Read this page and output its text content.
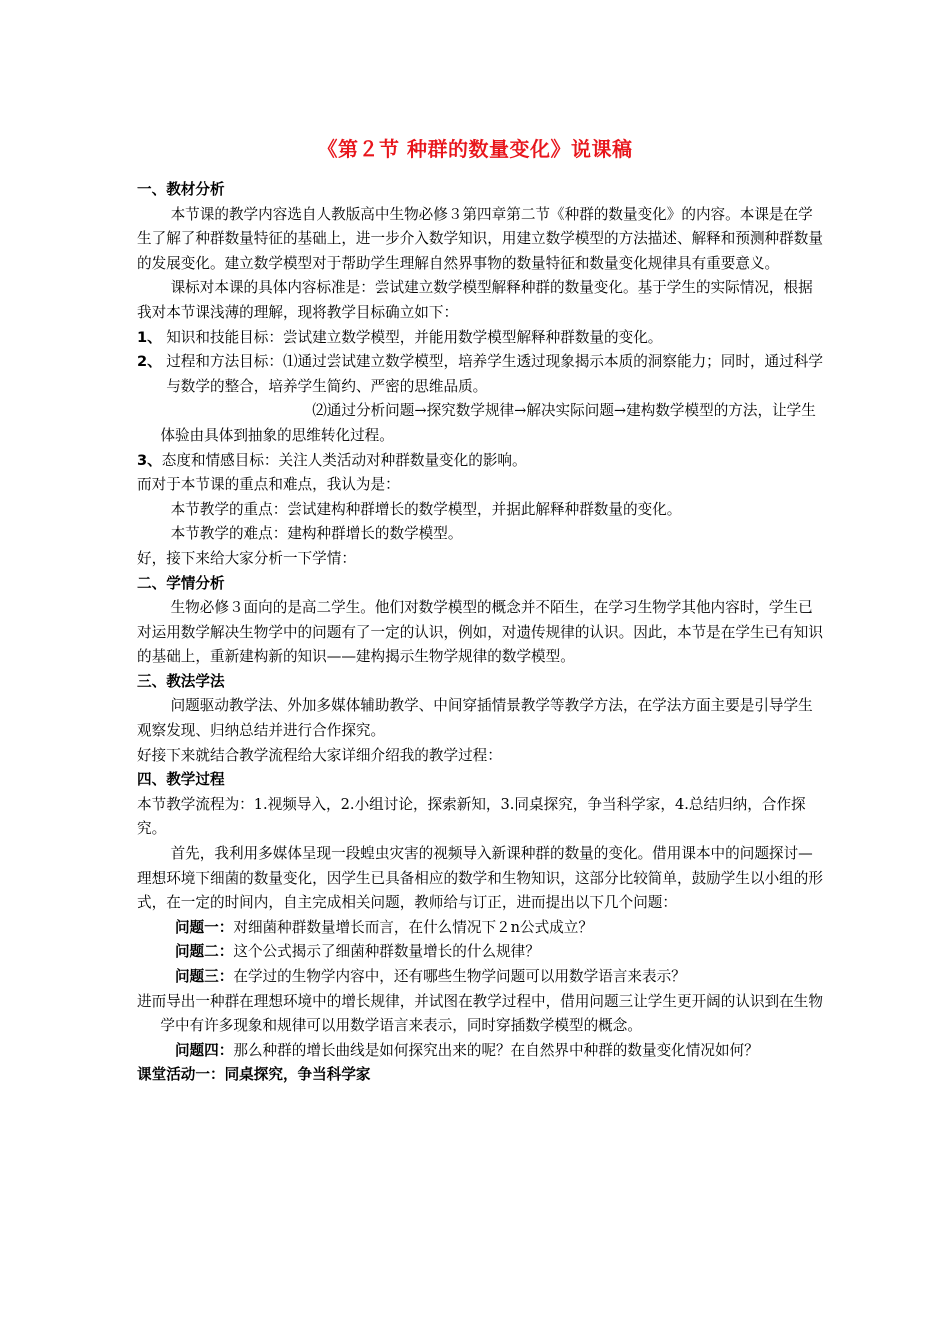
《第２节 种群的数量变化》说课稿

一、教材分析

本节课的教学内容选自人教版高中生物必修３第四章第二节《种群的数量变化》的内容。本课是在学生了解了种群数量特征的基础上，进一步介入数学知识，用建立数学模型的方法描述、解释和预测种群数量的发展变化。建立数学模型对于帮助学生理解自然界事物的数量特征和数量变化规律具有重要意义。

课标对本课的具体内容标准是：尝试建立数学模型解释种群的数量变化。基于学生的实际情况，根据我对本节课浅薄的理解，现将教学目标确立如下：

1、 知识和技能目标：尝试建立数学模型，并能用数学模型解释种群数量的变化。

2、 过程和方法目标：⑴通过尝试建立数学模型，培养学生透过现象揭示本质的洞察能力；同时，通过科学与数学的整合，培养学生简约、严密的思维品质。

⑵通过分析问题→探究数学规律→解决实际问题→建构数学模型的方法，让学生体验由具体到抽象的思维转化过程。

3、态度和情感目标：关注人类活动对种群数量变化的影响。

而对于本节课的重点和难点，我认为是：

本节教学的重点：尝试建构种群增长的数学模型，并据此解释种群数量的变化。

本节教学的难点：建构种群增长的数学模型。

好，接下来给大家分析一下学情：

二、学情分析

生物必修３面向的是高二学生。他们对数学模型的概念并不陌生，在学习生物学其他内容时，学生已对运用数学解决生物学中的问题有了一定的认识，例如，对遗传规律的认识。因此，本节是在学生已有知识的基础上，重新建构新的知识——建构揭示生物学规律的数学模型。

三、教法学法

问题驱动教学法、外加多媒体辅助教学、中间穿插情景教学等教学方法，在学法方面主要是引导学生观察发现、归纳总结并进行合作探究。

好接下来就结合教学流程给大家详细介绍我的教学过程：

四、教学过程

本节教学流程为：1.视频导入，2.小组讨论，探索新知，3.同桌探究，争当科学家，4.总结归纳，合作探究。

首先，我利用多媒体呈现一段蝗虫灾害的视频导入新课种群的数量的变化。借用课本中的问题探讨—理想环境下细菌的数量变化，因学生已具备相应的数学和生物知识，这部分比较简单，鼓励学生以小组的形式，在一定的时间内，自主完成相关问题，教师给与订正，进而提出以下几个问题：

问题一：对细菌种群数量增长而言，在什么情况下２n公式成立？

问题二：这个公式揭示了细菌种群数量增长的什么规律？

问题三：在学过的生物学内容中，还有哪些生物学问题可以用数学语言来表示？

进而导出一种群在理想环境中的增长规律，并试图在教学过程中，借用问题三让学生更开阔的认识到在生物学中有许多现象和规律可以用数学语言来表示，同时穿插数学模型的概念。

问题四：那么种群的增长曲线是如何探究出来的呢？在自然界中种群的数量变化情况如何？

课堂活动一：同桌探究，争当科学家
